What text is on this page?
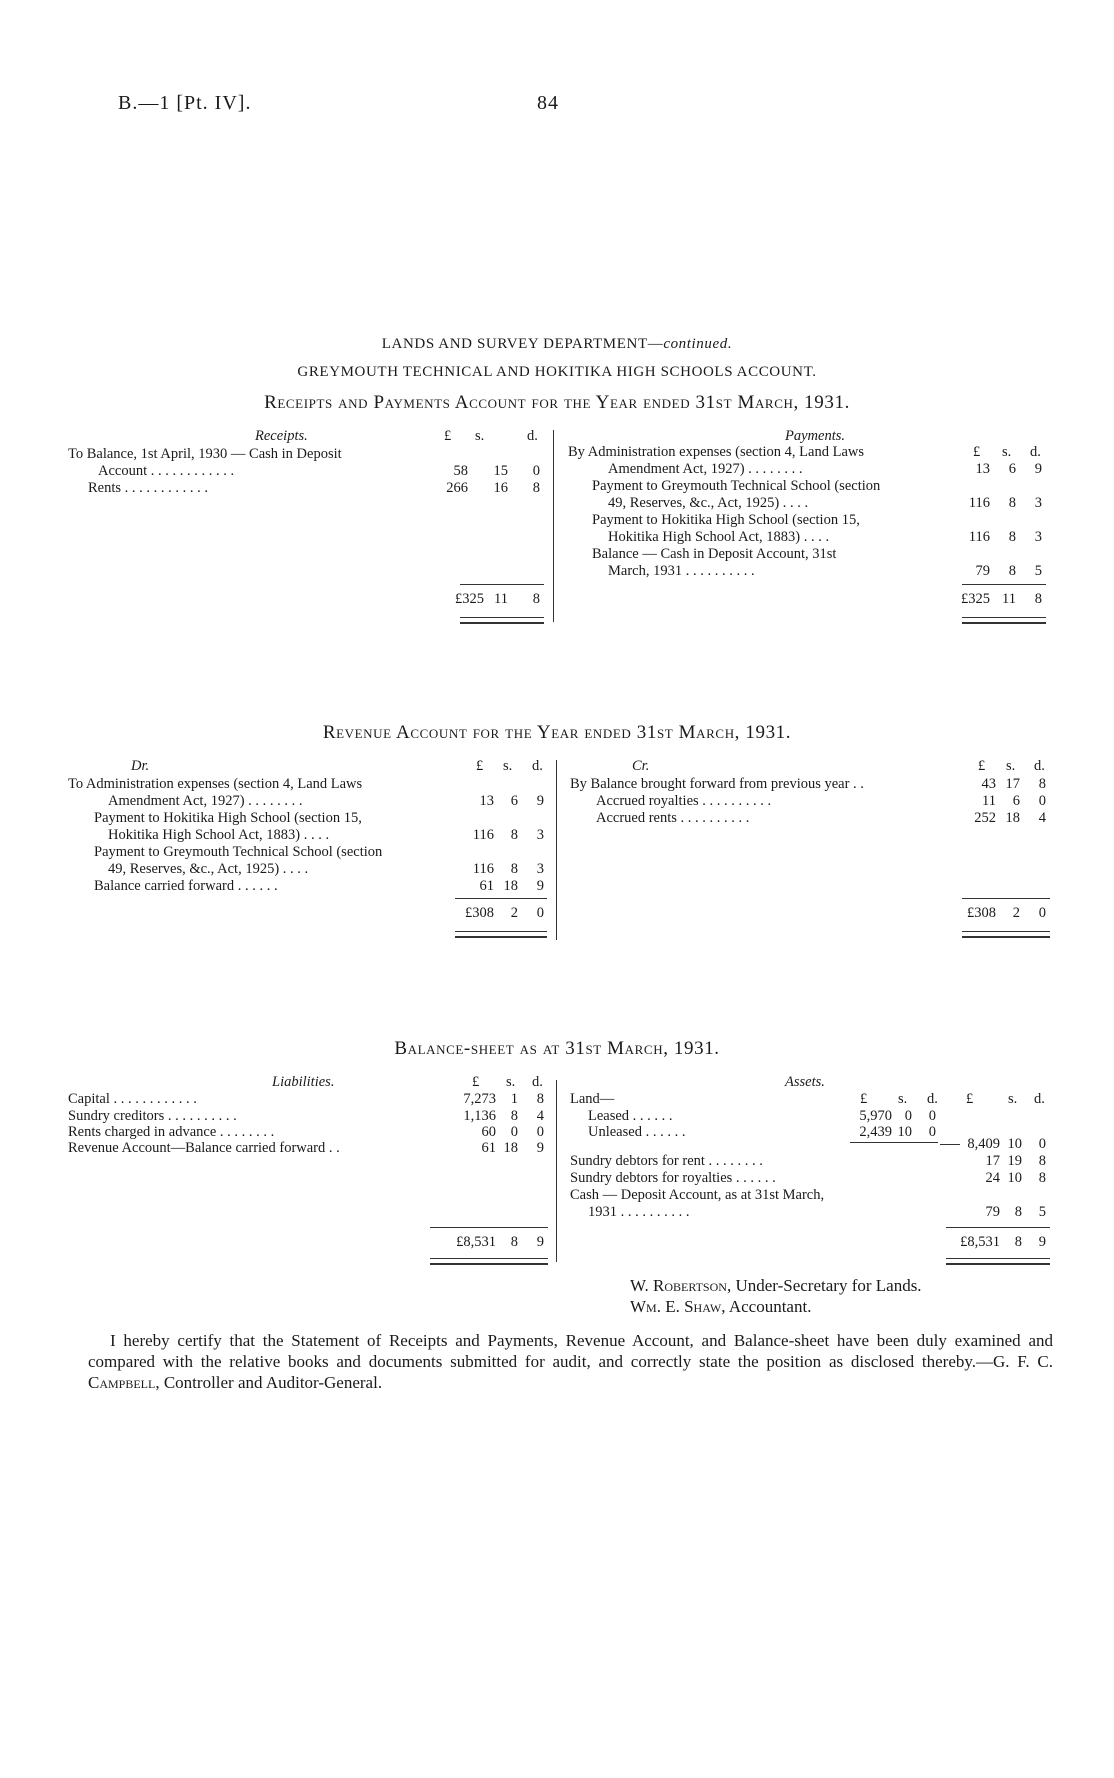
B.—1 [Pt. IV].	84
LANDS AND SURVEY DEPARTMENT—continued.
GREYMOUTH TECHNICAL AND HOKITIKA HIGH SCHOOLS ACCOUNT.
Receipts and Payments Account for the Year ended 31st March, 1931.
Receipts.	£ s.	d.
To Balance, 1st April, 1930 — Cash in Deposit
Account . . . . . . . . . . . .	58	15	0
Rents . . . . . . . . . . . .	266	16	8
£325 11	8
Payments.
£ s. d.
By Administration expenses (section 4, Land Laws
Amendment Act, 1927) . . . . . . . .	13	6	9
Payment to Greymouth Technical School (section
49, Reserves, &c., Act, 1925) . . . .	116	8	3
Payment to Hokitika High School (section 15,
Hokitika High School Act, 1883) . . . .	116	8	3
Balance — Cash in Deposit Account, 31st
March, 1931 . . . . . . . . . .	79	8	5
£325 11	8
Revenue Account for the Year ended 31st March, 1931.
Dr.	£ s. d.
To Administration expenses (section 4, Land Laws
Amendment Act, 1927) . . . . . . . .	13	6	9
Payment to Hokitika High School (section 15,
Hokitika High School Act, 1883) . . . .	116	8	3
Payment to Greymouth Technical School (section
49, Reserves, &c., Act, 1925) . . . .	116	8	3
Balance carried forward . . . . . .	61 18	9
£308	2	0
Cr.	£ s. d.
By Balance brought forward from previous year . .	43 17	8
Accrued royalties . . . . . . . . . .	11	6	0
Accrued rents . . . . . . . . . .	252 18	4
£308	2	0
Balance-sheet as at 31st March, 1931.
Liabilities.	£ s. d.
Capital . . . . . . . . . . . .	7,273	1	8
Sundry creditors . . . . . . . . . .	1,136	8	4
Rents charged in advance . . . . . . . .	60	0	0
Revenue Account—Balance carried forward . .	61 18	9
£8,531	8	9
Assets.
£ s. d. £ s. d.
Land—
Leased . . . . . .	5,970 0	0
Unleased . . . . . .	2,439 10	0
8,409 10	0
Sundry debtors for rent . . . . . . . .	17 19	8
Sundry debtors for royalties . . . . . .	24 10	8
Cash — Deposit Account, as at 31st March,
1931 . . . . . . . . . .	79	8	5
£8,531	8	9
W. Robertson, Under-Secretary for Lands.
Wm. E. Shaw, Accountant.
I hereby certify that the Statement of Receipts and Payments, Revenue Account, and Balance-sheet have been duly examined and compared with the relative books and documents submitted for audit, and correctly state the position as disclosed thereby.—G. F. C. Campbell, Controller and Auditor-General.
